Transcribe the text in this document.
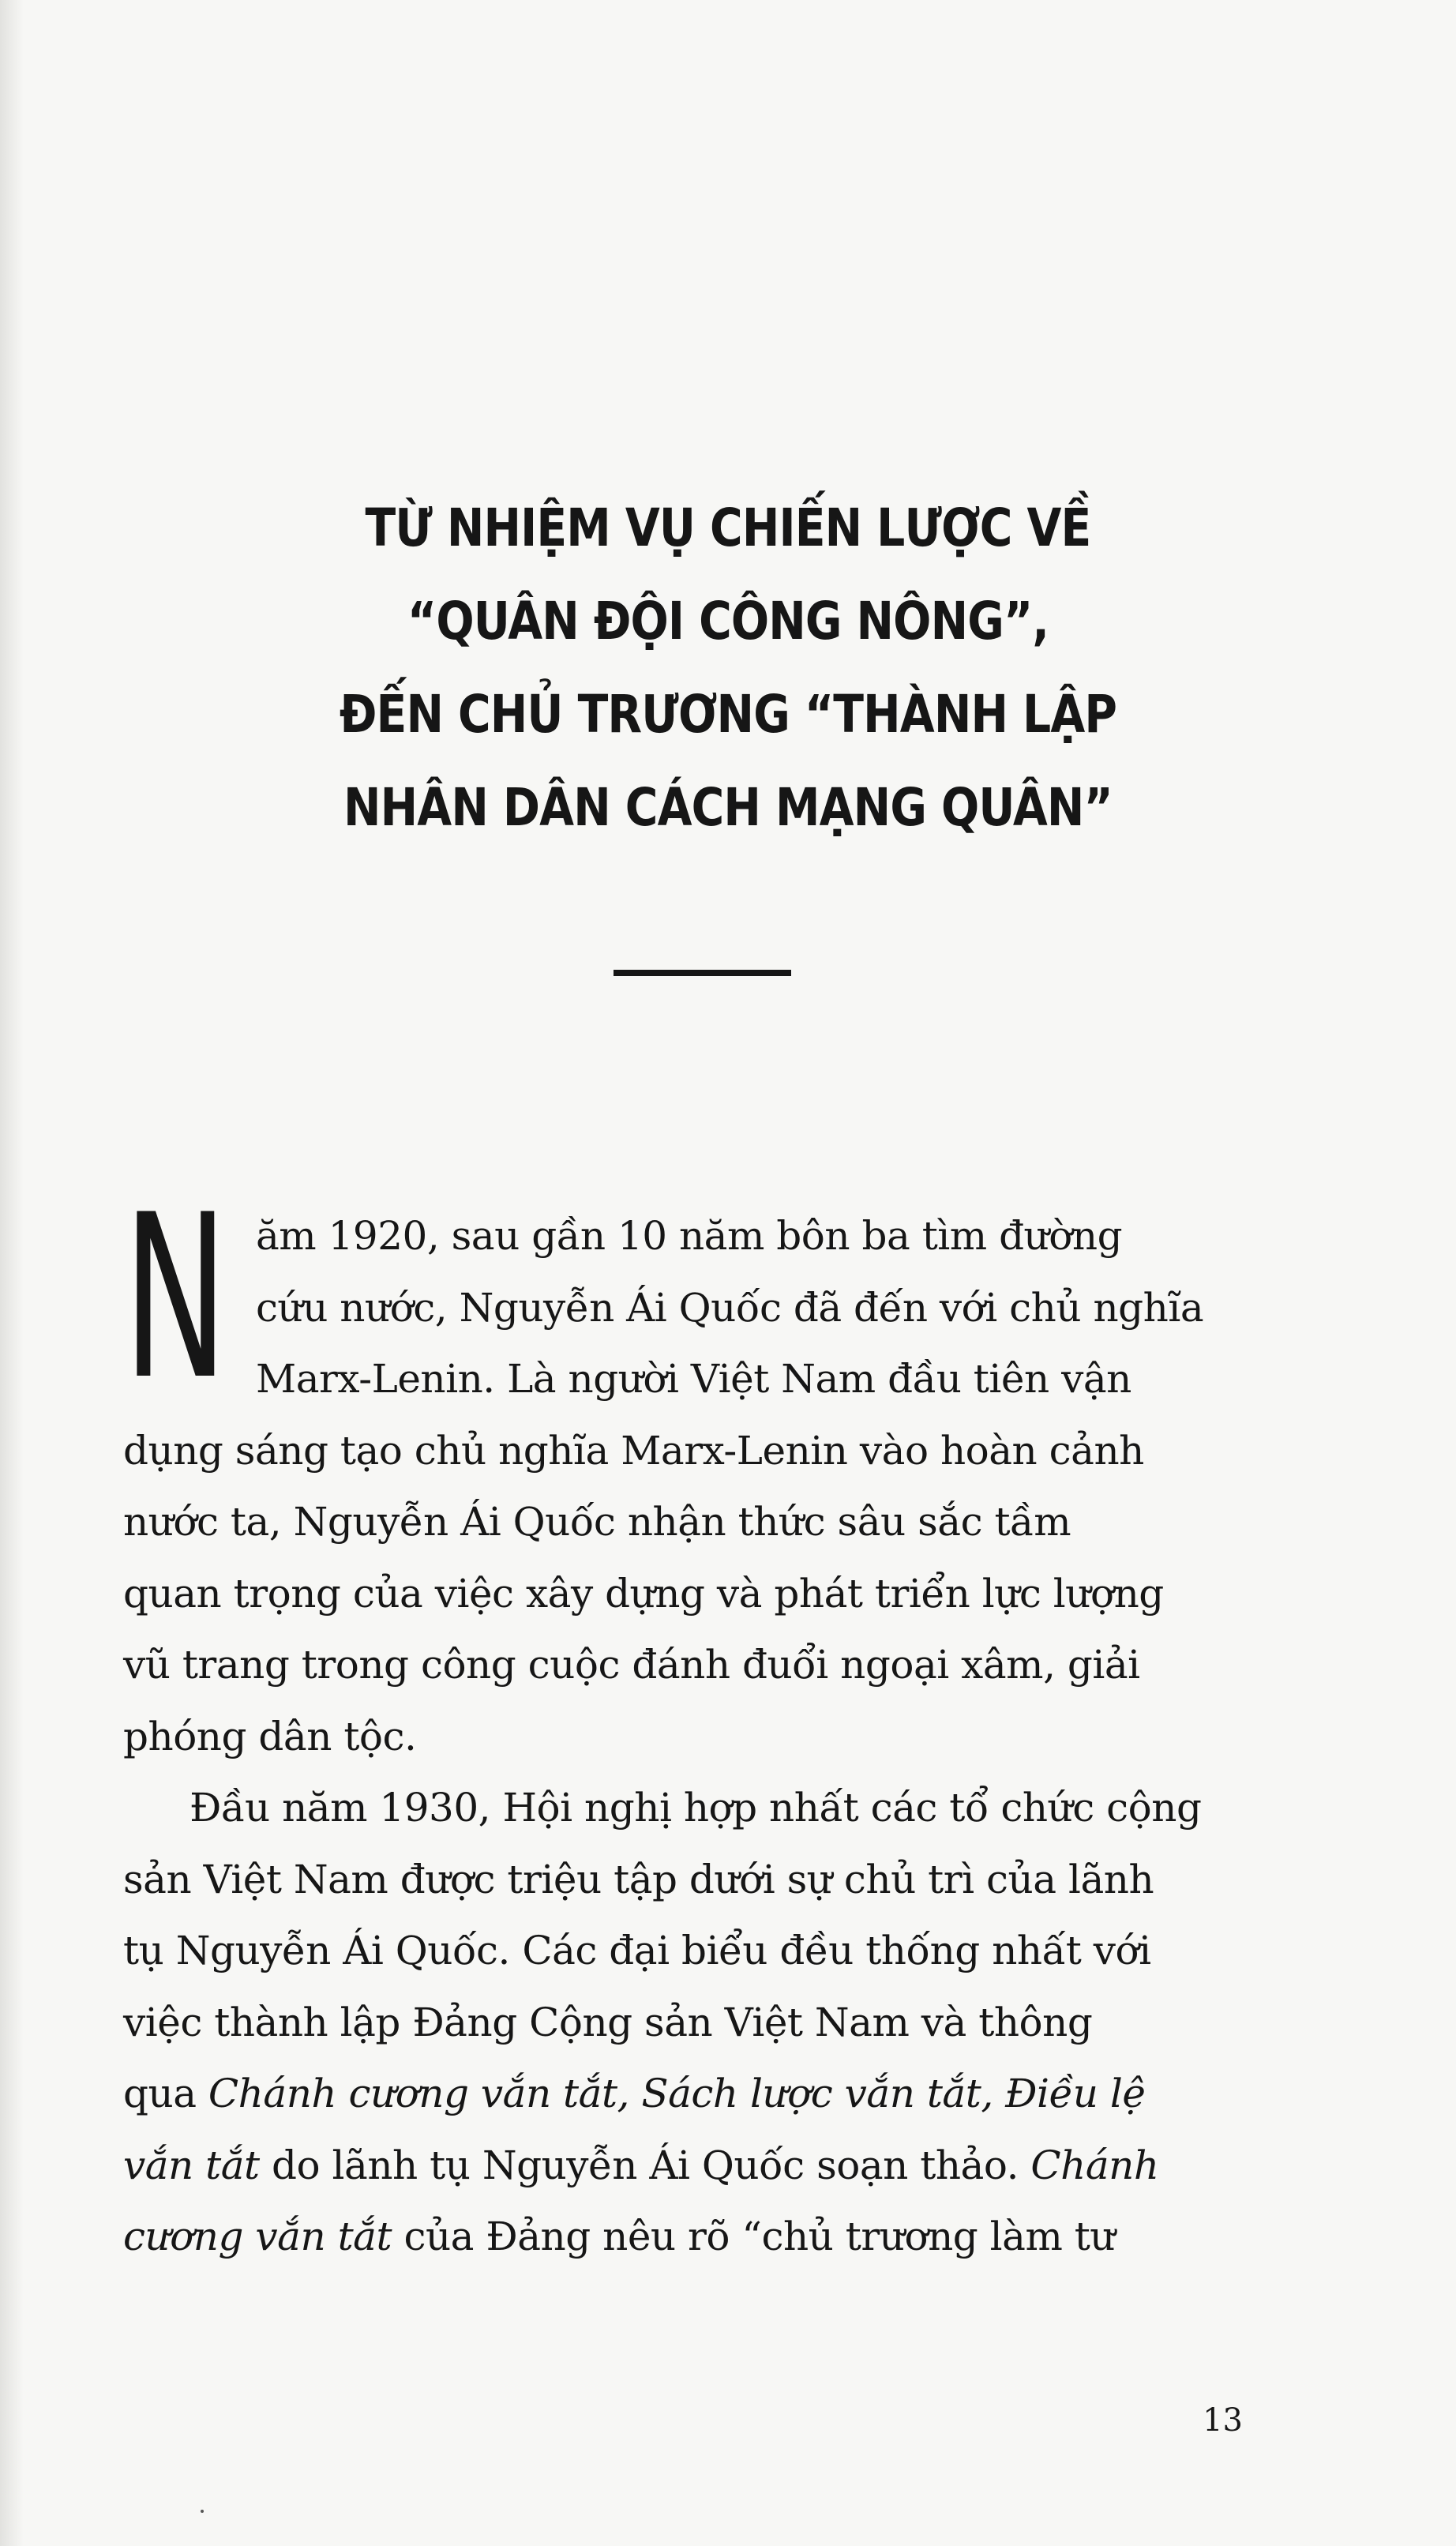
TỪ NHIỆM VỤ CHIẾN LƯỢC VỀ
“QUÂN ĐỘI CÔNG NÔNG”,
ĐẾN CHỦ TRƯƠNG “THÀNH LẬP
NHÂN DÂN CÁCH MẠNG QUÂN”

N ăm 1920, sau gần 10 năm bôn ba tìm đường
cứu nước, Nguyễn Ái Quốc đã đến với chủ nghĩa
Marx-Lenin. Là người Việt Nam đầu tiên vận
dụng sáng tạo chủ nghĩa Marx-Lenin vào hoàn cảnh
nước ta, Nguyễn Ái Quốc nhận thức sâu sắc tầm
quan trọng của việc xây dựng và phát triển lực lượng
vũ trang trong công cuộc đánh đuổi ngoại xâm, giải
phóng dân tộc.

Đầu năm 1930, Hội nghị hợp nhất các tổ chức cộng
sản Việt Nam được triệu tập dưới sự chủ trì của lãnh
tụ Nguyễn Ái Quốc. Các đại biểu đều thống nhất với
việc thành lập Đảng Cộng sản Việt Nam và thông
qua Chánh cương vắn tắt, Sách lược vắn tắt, Điều lệ
vắn tắt do lãnh tụ Nguyễn Ái Quốc soạn thảo. Chánh
cương vắn tắt của Đảng nêu rõ “chủ trương làm tư

13
